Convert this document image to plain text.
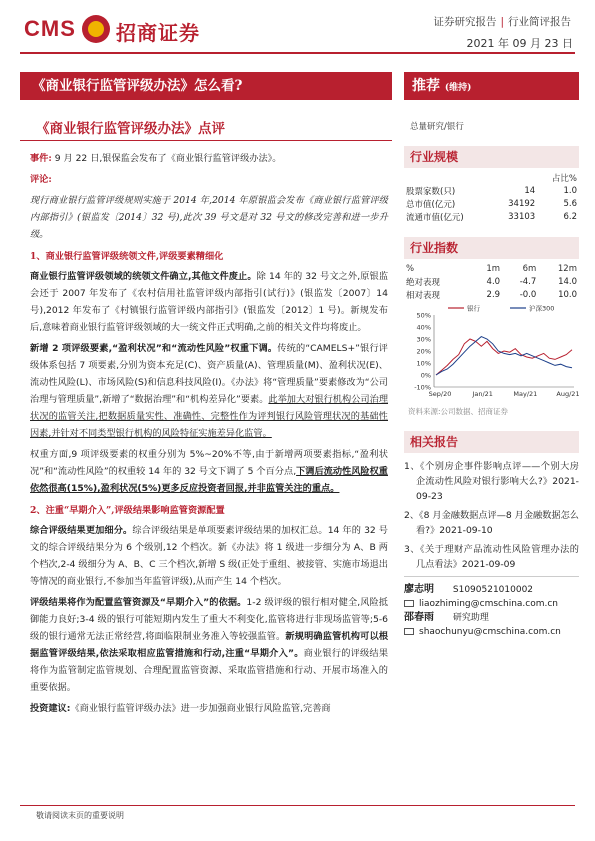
CMS 招商证券	证券研究报告 | 行业简评报告
2021 年 09 月 23 日
《商业银行监管评级办法》怎么看?
《商业银行监管评级办法》点评

事件: 9 月 22 日,银保监会发布了《商业银行监管评级办法》。

评论:

现行商业银行监管评级规则实施于 2014 年,2014 年原银监会发布《商业银行监管评级内部指引》(银监发〔2014〕32 号),此次 39 号文是对 32 号文的修改完善和进一步升级。

1、商业银行监管评级统领文件,评级要素精细化

商业银行监管评级领域的统领文件确立,其他文件废止。除 14 年的 32 号文之外,原银监会还于 2007 年发布了《农村信用社监管评级内部指引(试行)》(银监发〔2007〕14 号),2012 年发布了《村镇银行监管评级内部指引》(银监发〔2012〕1 号)。新规发布后,意味着商业银行监管评级领域的大一统文件正式明确,之前的相关文件均将废止。

新增 2 项评级要素,“盈利状况”和“流动性风险”权重下调。传统的“CAMELS+”银行评级体系包括 7 项要素,分别为资本充足(C)、资产质量(A)、管理质量(M)、盈利状况(E)、流动性风险(L)、市场风险(S)和信息科技风险(I)。《办法》将“管理质量”要素修改为“公司治理与管理质量”,新增了“数据治理”和“机构差异化”要素。此举加大对银行机构公司治理状况的监管关注,把数据质量实性、准确性、完整性作为评判银行风险管理状况的基础性因素,并针对不同类型银行机构的风险特征实施差异化监管。

权重方面,9 项评级要素的权重分别为 5%~20%不等,由于新增两项要素指标,“盈利状况”和“流动性风险”的权重较 14 年的 32 号文下调了 5 个百分点,下调后流动性风险权重依然很高(15%),盈利状况(5%)更多反应投资者回报,并非监管关注的重点。

2、注重“早期介入”,评级结果影响监管资源配置

综合评级结果更加细分。综合评级结果是单项要素评级结果的加权汇总。14 年的 32 号文的综合评级结果分为 6 个级别,12 个档次。新《办法》将 1 级进一步细分为 A、B 两个档次,2-4 级细分为 A、B、C 三个档次,新增 S 级(正处于重组、被接管、实施市场退出等情况的商业银行,不参加当年监管评级),从而产生 14 个档次。

评级结果将作为配置监管资源及“早期介入”的依据。1-2 级评级的银行相对健全,风险抵御能力良好;3-4 级的银行可能短期内发生了重大不利变化,监管将进行非现场监管等;5-6 级的银行通常无法正常经营,将面临限制业务准入等较强监管。新规明确监管机构可以根据监管评级结果,依法采取相应监管措施和行动,注重“早期介入”。商业银行的评级结果将作为监管制定监管规划、合理配置监管资源、采取监管措施和行动、开展市场准入的重要依据。

投资建议:《商业银行监管评级办法》进一步加强商业银行风险监管,完善商

推荐 (维持)
总量研究/银行
行业规模
		占比%
股票家数(只)	14	1.0
总市值(亿元)	34192	5.6
流通市值(亿元)	33103	6.2
行业指数
%	1m	6m	12m
绝对表现	4.0	-4.7	14.0
相对表现	2.9	-0.0	10.0
50%
40%
30%
20%
10%
0%
-10%
Sep/20	Jan/21	May/21	Aug/21
银行	沪深300
资料来源:公司数据、招商证券
相关报告
1、《个别房企事件影响点评——个别大房企流动性风险对银行影响大么?》2021-09-23
2、《8 月金融数据点评—8 月金融数据怎么看?》2021-09-10
3、《关于理财产品流动性风险管理办法的几点看法》2021-09-09
廖志明 S1090521010002
liaozhiming@cmschina.com.cn
邵春雨 研究助理
shaochunyu@cmschina.com.cn
敬请阅读末页的重要说明
